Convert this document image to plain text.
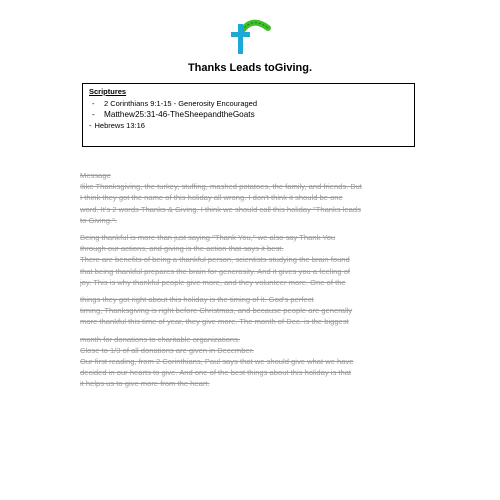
Thanks Leads toGiving.
Scriptures
- 2 Corinthians 9:1-15 - Generosity Encouraged
- Matthew25:31-46-TheSheepandtheGoats
- Hebrews 13:16
Message
Ilike Thanksgiving, the turkey, stuffing, mashed potatoes, the family, and friends. But
I think they got the name of this holiday all wrong. I don't think it should be one
word. It's 2 words Thanks & Giving. I think we should call this holiday "Thanks leads
to Giving.".
Being thankful is more than just saying "Thank You," we also say Thank You
through our actions, and giving is the action that says it best.
There are benefits of being a thankful person, scientists studying the brain found
that being thankful prepares the brain for generosity. And it gives you a feeling of
joy. This is why thankful people give more, and they volunteer more. One of the
things they got right about this holiday is the timing of it. God's perfect
timing, Thanksgiving is right before Christmas, and because people are generally
more thankful this time of year, they give more. The month of Dec. is the biggest
month for donations to charitable organizations.
Close to 1/3 of all donations are given in December.
Our first reading, from 2 Corinthians, Paul says that we should give what we have
decided in our hearts to give. And one of the best things about this holiday is that
it helps us to give more from the heart.
